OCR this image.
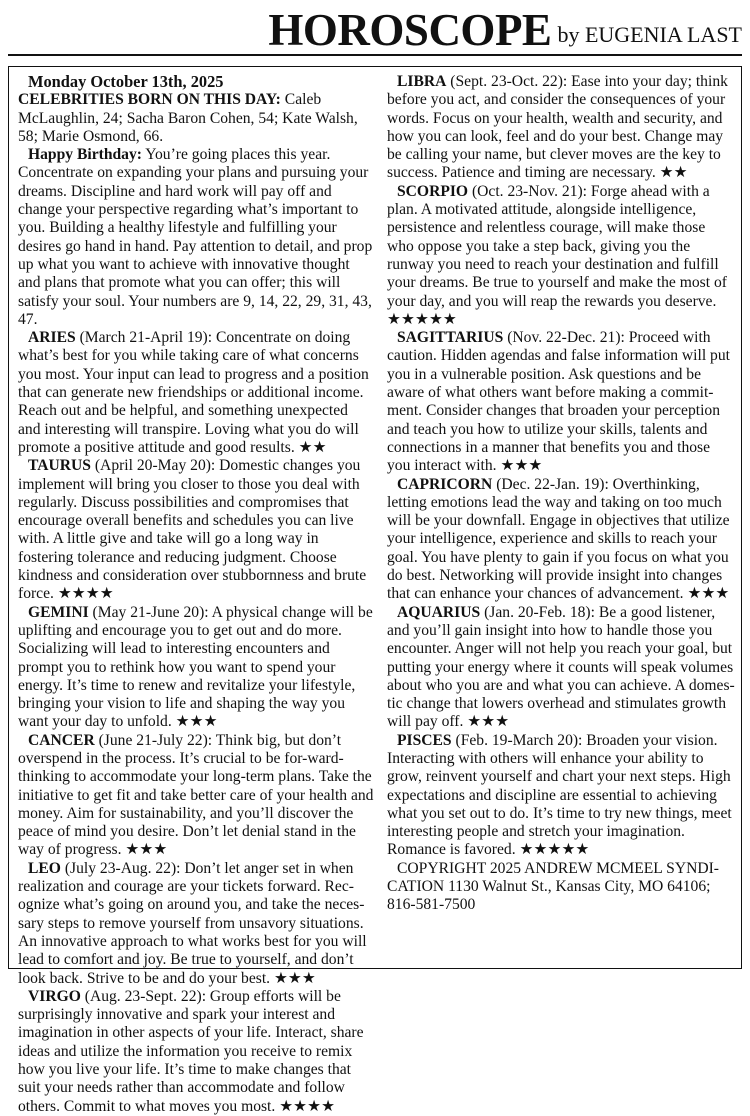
HOROSCOPE by EUGENIA LAST

Monday October 13th, 2025

CELEBRITIES BORN ON THIS DAY: Caleb McLaughlin, 24; Sacha Baron Cohen, 54; Kate Walsh, 58; Marie Osmond, 66.

Happy Birthday: You’re going places this year. Concentrate on expanding your plans and pursuing your dreams. Discipline and hard work will pay off and change your perspective regarding what’s important to you. Building a healthy lifestyle and fulfilling your desires go hand in hand. Pay attention to detail, and prop up what you want to achieve with innovative thought and plans that promote what you can offer; this will satisfy your soul. Your numbers are 9, 14, 22, 29, 31, 43, 47.

ARIES (March 21-April 19): Concentrate on doing what’s best for you while taking care of what concerns you most. Your input can lead to progress and a position that can generate new friendships or additional income. Reach out and be helpful, and something unexpected and interesting will transpire. Loving what you do will promote a positive attitude and good results. ★★

TAURUS (April 20-May 20): Domestic changes you implement will bring you closer to those you deal with regularly. Discuss possibilities and compromises that encourage overall benefits and schedules you can live with. A little give and take will go a long way in fostering tolerance and reducing judgment. Choose kindness and consideration over stubbornness and brute force. ★★★★

GEMINI (May 21-June 20): A physical change will be uplifting and encourage you to get out and do more. Socializing will lead to interesting encounters and prompt you to rethink how you want to spend your energy. It’s time to renew and revitalize your lifestyle, bringing your vision to life and shaping the way you want your day to unfold. ★★★

CANCER (June 21-July 22): Think big, but don’t overspend in the process. It’s crucial to be for-ward-thinking to accommodate your long-term plans. Take the initiative to get fit and take better care of your health and money. Aim for sustainability, and you’ll discover the peace of mind you desire. Don’t let denial stand in the way of progress. ★★★

LEO (July 23-Aug. 22): Don’t let anger set in when realization and courage are your tickets forward. Rec-ognize what’s going on around you, and take the neces-sary steps to remove yourself from unsavory situations. An innovative approach to what works best for you will lead to comfort and joy. Be true to yourself, and don’t look back. Strive to be and do your best. ★★★

VIRGO (Aug. 23-Sept. 22): Group efforts will be surprisingly innovative and spark your interest and imagination in other aspects of your life. Interact, share ideas and utilize the information you receive to remix how you live your life. It’s time to make changes that suit your needs rather than accommodate and follow others. Commit to what moves you most. ★★★★

LIBRA (Sept. 23-Oct. 22): Ease into your day; think before you act, and consider the consequences of your words. Focus on your health, wealth and security, and how you can look, feel and do your best. Change may be calling your name, but clever moves are the key to success. Patience and timing are necessary. ★★

SCORPIO (Oct. 23-Nov. 21): Forge ahead with a plan. A motivated attitude, alongside intelligence, persistence and relentless courage, will make those who oppose you take a step back, giving you the runway you need to reach your destination and fulfill your dreams. Be true to yourself and make the most of your day, and you will reap the rewards you deserve. ★★★★★

SAGITTARIUS (Nov. 22-Dec. 21): Proceed with caution. Hidden agendas and false information will put you in a vulnerable position. Ask questions and be aware of what others want before making a commit-ment. Consider changes that broaden your perception and teach you how to utilize your skills, talents and connections in a manner that benefits you and those you interact with. ★★★

CAPRICORN (Dec. 22-Jan. 19): Overthinking, letting emotions lead the way and taking on too much will be your downfall. Engage in objectives that utilize your intelligence, experience and skills to reach your goal. You have plenty to gain if you focus on what you do best. Networking will provide insight into changes that can enhance your chances of advancement. ★★★

AQUARIUS (Jan. 20-Feb. 18): Be a good listener, and you’ll gain insight into how to handle those you encounter. Anger will not help you reach your goal, but putting your energy where it counts will speak volumes about who you are and what you can achieve. A domes-tic change that lowers overhead and stimulates growth will pay off. ★★★

PISCES (Feb. 19-March 20): Broaden your vision. Interacting with others will enhance your ability to grow, reinvent yourself and chart your next steps. High expectations and discipline are essential to achieving what you set out to do. It’s time to try new things, meet interesting people and stretch your imagination. Romance is favored. ★★★★★

COPYRIGHT 2025 ANDREW MCMEEL SYNDI-CATION 1130 Walnut St., Kansas City, MO 64106; 816-581-7500
